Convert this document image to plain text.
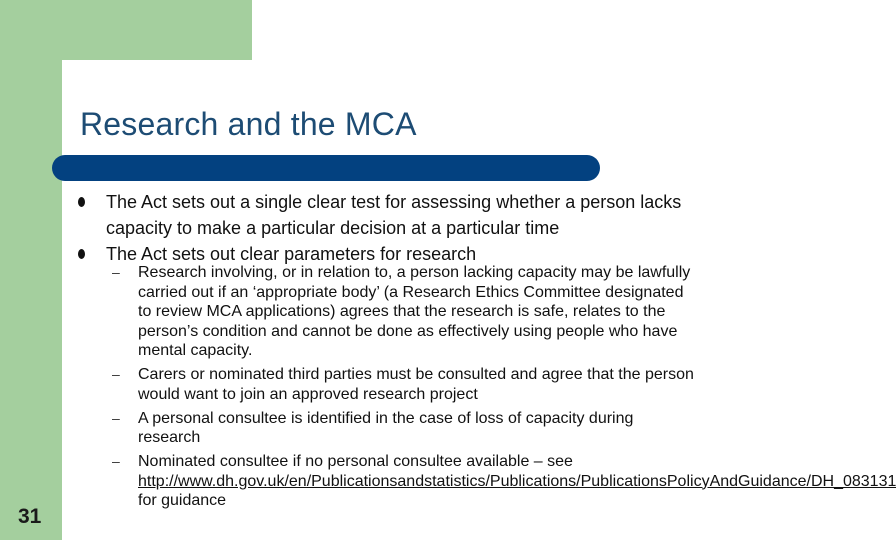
Research and the MCA
The Act sets out a single clear test for assessing whether a person lacks capacity to make a particular decision at a particular time
The Act sets out clear parameters for research
– Research involving, or in relation to, a person lacking capacity may be lawfully carried out if an ‘appropriate body’ (a Research Ethics Committee designated to review MCA applications) agrees that the research is safe, relates to the person’s condition and cannot be done as effectively using people who have mental capacity.
– Carers or nominated third parties must be consulted and agree that the person would want to join an approved research project
– A personal consultee is identified in the case of loss of capacity during research
– Nominated consultee if no personal consultee available – see http://www.dh.gov.uk/en/Publicationsandstatistics/Publications/PublicationsPolicyAndGuidance/DH_083131 for guidance
31
